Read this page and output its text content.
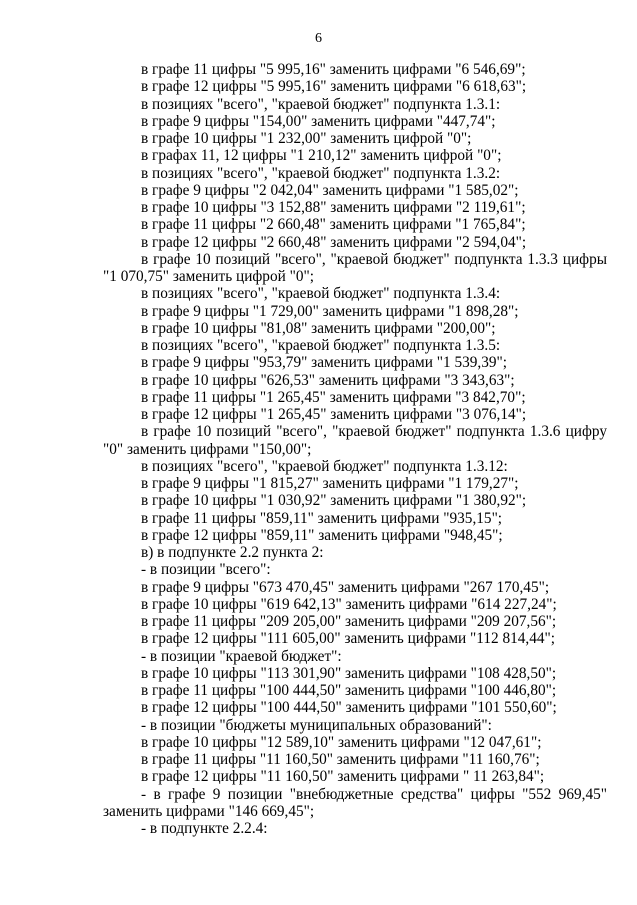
6

в графе 11 цифры "5 995,16" заменить цифрами "6 546,69";

в графе 12 цифры "5 995,16" заменить цифрами "6 618,63";

в позициях "всего", "краевой бюджет" подпункта 1.3.1:

в графе 9 цифры "154,00" заменить цифрами "447,74";

в графе 10 цифры "1 232,00" заменить цифрой "0";

в графах 11, 12 цифры "1 210,12" заменить цифрой "0";

в позициях "всего", "краевой бюджет" подпункта 1.3.2:

в графе 9 цифры "2 042,04" заменить цифрами "1 585,02";

в графе 10 цифры "3 152,88" заменить цифрами "2 119,61";

в графе 11 цифры "2 660,48" заменить цифрами "1 765,84";

в графе 12 цифры "2 660,48" заменить цифрами "2 594,04";

в графе 10 позиций "всего", "краевой бюджет" подпункта 1.3.3 цифры "1 070,75" заменить цифрой "0";

в позициях "всего", "краевой бюджет" подпункта 1.3.4:

в графе 9 цифры "1 729,00" заменить цифрами "1 898,28";

в графе 10 цифры "81,08" заменить цифрами "200,00";

в позициях "всего", "краевой бюджет" подпункта 1.3.5:

в графе 9 цифры "953,79" заменить цифрами "1 539,39";

в графе 10 цифры "626,53" заменить цифрами "3 343,63";

в графе 11 цифры "1 265,45" заменить цифрами "3 842,70";

в графе 12 цифры "1 265,45" заменить цифрами "3 076,14";

в графе 10 позиций "всего", "краевой бюджет" подпункта 1.3.6 цифру "0" заменить цифрами "150,00";

в позициях "всего", "краевой бюджет" подпункта 1.3.12:

в графе 9 цифры "1 815,27" заменить цифрами "1 179,27";

в графе 10 цифры "1 030,92" заменить цифрами "1 380,92";

в графе 11 цифры "859,11" заменить цифрами "935,15";

в графе 12 цифры "859,11" заменить цифрами "948,45";

в) в подпункте 2.2 пункта 2:

- в позиции "всего":

в графе 9 цифры "673 470,45" заменить цифрами "267 170,45";

в графе 10 цифры "619 642,13" заменить цифрами "614 227,24";

в графе 11 цифры "209 205,00" заменить цифрами "209 207,56";

в графе 12 цифры "111 605,00" заменить цифрами "112 814,44";

- в позиции "краевой бюджет":

в графе 10 цифры "113 301,90" заменить цифрами "108 428,50";

в графе 11 цифры "100 444,50" заменить цифрами "100 446,80";

в графе 12 цифры "100 444,50" заменить цифрами "101 550,60";

- в позиции "бюджеты муниципальных образований":

в графе 10 цифры "12 589,10" заменить цифрами "12 047,61";

в графе 11 цифры "11 160,50" заменить цифрами "11 160,76";

в графе 12 цифры "11 160,50" заменить цифрами " 11 263,84";

- в графе 9 позиции "внебюджетные средства" цифры "552 969,45" заменить цифрами "146 669,45";

- в подпункте 2.2.4:
